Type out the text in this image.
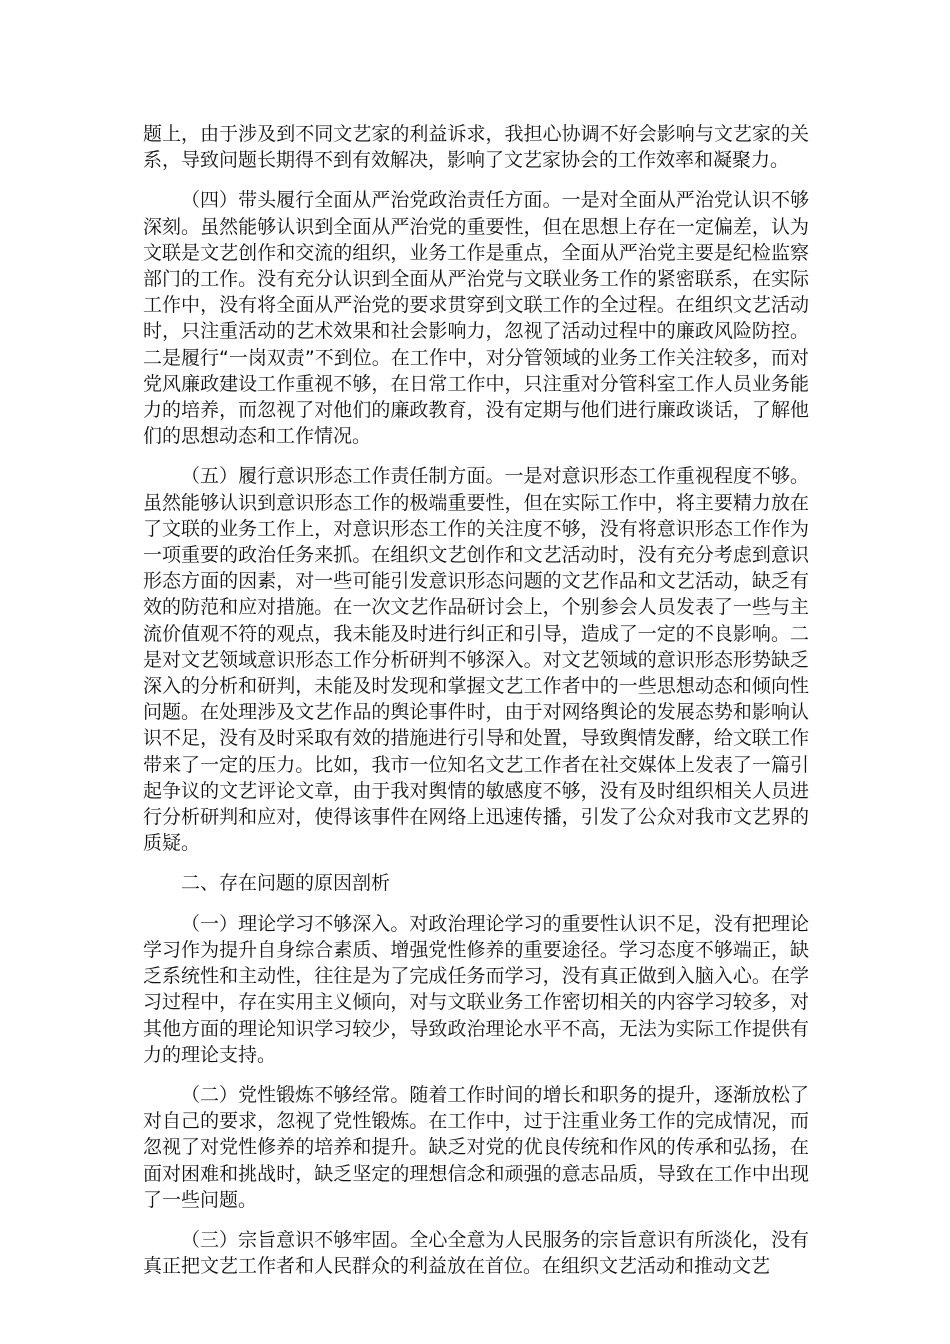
题上，由于涉及到不同文艺家的利益诉求，我担心协调不好会影响与文艺家的关系，导致问题长期得不到有效解决，影响了文艺家协会的工作效率和凝聚力。

（四）带头履行全面从严治党政治责任方面。一是对全面从严治党认识不够深刻。虽然能够认识到全面从严治党的重要性，但在思想上存在一定偏差，认为文联是文艺创作和交流的组织，业务工作是重点，全面从严治党主要是纪检监察部门的工作。没有充分认识到全面从严治党与文联业务工作的紧密联系，在实际工作中，没有将全面从严治党的要求贯穿到文联工作的全过程。在组织文艺活动时，只注重活动的艺术效果和社会影响力，忽视了活动过程中的廉政风险防控。二是履行“一岗双责”不到位。在工作中，对分管领域的业务工作关注较多，而对党风廉政建设工作重视不够，在日常工作中，只注重对分管科室工作人员业务能力的培养，而忽视了对他们的廉政教育，没有定期与他们进行廉政谈话，了解他们的思想动态和工作情况。

（五）履行意识形态工作责任制方面。一是对意识形态工作重视程度不够。虽然能够认识到意识形态工作的极端重要性，但在实际工作中，将主要精力放在了文联的业务工作上，对意识形态工作的关注度不够，没有将意识形态工作作为一项重要的政治任务来抓。在组织文艺创作和文艺活动时，没有充分考虑到意识形态方面的因素，对一些可能引发意识形态问题的文艺作品和文艺活动，缺乏有效的防范和应对措施。在一次文艺作品研讨会上，个别参会人员发表了一些与主流价值观不符的观点，我未能及时进行纠正和引导，造成了一定的不良影响。二是对文艺领域意识形态工作分析研判不够深入。对文艺领域的意识形态形势缺乏深入的分析和研判，未能及时发现和掌握文艺工作者中的一些思想动态和倾向性问题。在处理涉及文艺作品的舆论事件时，由于对网络舆论的发展态势和影响认识不足，没有及时采取有效的措施进行引导和处置，导致舆情发酵，给文联工作带来了一定的压力。比如，我市一位知名文艺工作者在社交媒体上发表了一篇引起争议的文艺评论文章，由于我对舆情的敏感度不够，没有及时组织相关人员进行分析研判和应对，使得该事件在网络上迅速传播，引发了公众对我市文艺界的质疑。

二、存在问题的原因剖析

（一）理论学习不够深入。对政治理论学习的重要性认识不足，没有把理论学习作为提升自身综合素质、增强党性修养的重要途径。学习态度不够端正，缺乏系统性和主动性，往往是为了完成任务而学习，没有真正做到入脑入心。在学习过程中，存在实用主义倾向，对与文联业务工作密切相关的内容学习较多，对其他方面的理论知识学习较少，导致政治理论水平不高，无法为实际工作提供有力的理论支持。

（二）党性锻炼不够经常。随着工作时间的增长和职务的提升，逐渐放松了对自己的要求，忽视了党性锻炼。在工作中，过于注重业务工作的完成情况，而忽视了对党性修养的培养和提升。缺乏对党的优良传统和作风的传承和弘扬，在面对困难和挑战时，缺乏坚定的理想信念和顽强的意志品质，导致在工作中出现了一些问题。

（三）宗旨意识不够牢固。全心全意为人民服务的宗旨意识有所淡化，没有真正把文艺工作者和人民群众的利益放在首位。在组织文艺活动和推动文艺
